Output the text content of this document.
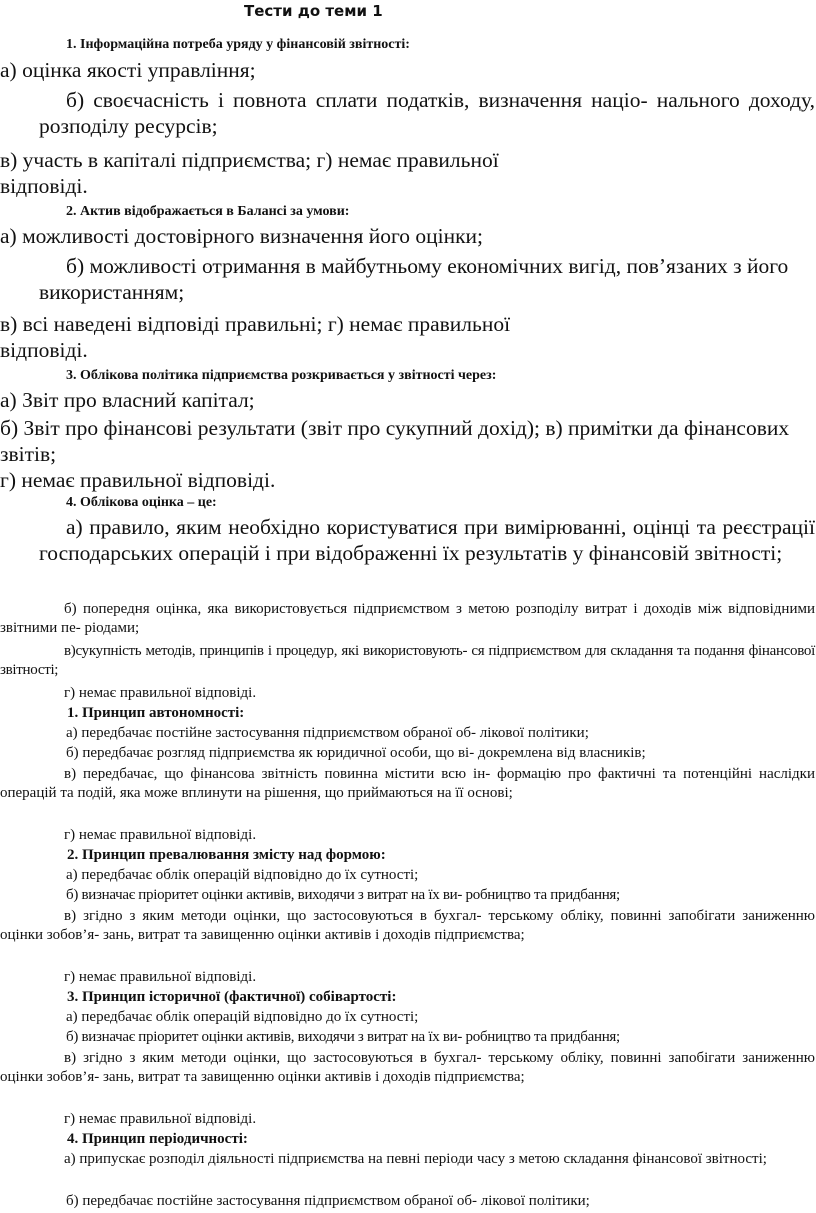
Тести до теми 1
1. Інформаційна потреба уряду у фінансовій звітності:
а) оцінка якості управління;
б) своєчасність і повнота сплати податків, визначення націо- нального доходу, розподілу ресурсів;
в) участь в капіталі підприємства; г) немає правильної
відповіді.
2. Актив відображається в Балансі за умови:
а) можливості достовірного визначення його оцінки;
б) можливості отримання в майбутньому економічних вигід, пов’язаних з його використанням;
в) всі наведені відповіді правильні; г) немає правильної
відповіді.
3. Облікова політика підприємства розкривається у звітності через:
а) Звіт про власний капітал;
б) Звіт про фінансові результати (звіт про сукупний дохід); в) примітки да фінансових звітів;
г) немає правильної відповіді.
4. Облікова оцінка – це:
а) правило, яким необхідно користуватися при вимірюванні, оцінці та реєстрації господарських операцій і при відображенні їх результатів у фінансовій звітності;
б) попередня оцінка, яка використовується підприємством з метою розподілу витрат і доходів між відповідними звітними пе- ріодами;
в)сукупність методів, принципів і процедур, які використовують- ся підприємством для складання та подання фінансової звітності;
г) немає правильної відповіді.
1. Принцип автономності:
а) передбачає постійне застосування підприємством обраної об- лікової політики;
б) передбачає розгляд підприємства як юридичної особи, що ві- докремлена від власників;
в) передбачає, що фінансова звітність повинна містити всю ін- формацію про фактичні та потенційні наслідки операцій та подій, яка може вплинути на рішення, що приймаються на її основі;
г) немає правильної відповіді.
2. Принцип превалювання змісту над формою:
а) передбачає облік операцій відповідно до їх сутності;
б) визначає пріоритет оцінки активів, виходячи з витрат на їх ви- робництво та придбання;
в) згідно з яким методи оцінки, що застосовуються в бухгал- терському обліку, повинні запобігати заниженню оцінки зобов’я- зань, витрат та завищенню оцінки активів і доходів підприємства;
г) немає правильної відповіді.
3. Принцип історичної (фактичної) собівартості:
а) передбачає облік операцій відповідно до їх сутності;
б) визначає пріоритет оцінки активів, виходячи з витрат на їх ви- робництво та придбання;
в) згідно з яким методи оцінки, що застосовуються в бухгал- терському обліку, повинні запобігати заниженню оцінки зобов’я- зань, витрат та завищенню оцінки активів і доходів підприємства;
г) немає правильної відповіді.
4. Принцип періодичності:
а) припускає розподіл діяльності підприємства на певні періоди часу з метою складання фінансової звітності;
б) передбачає постійне застосування підприємством обраної об- лікової політики;
